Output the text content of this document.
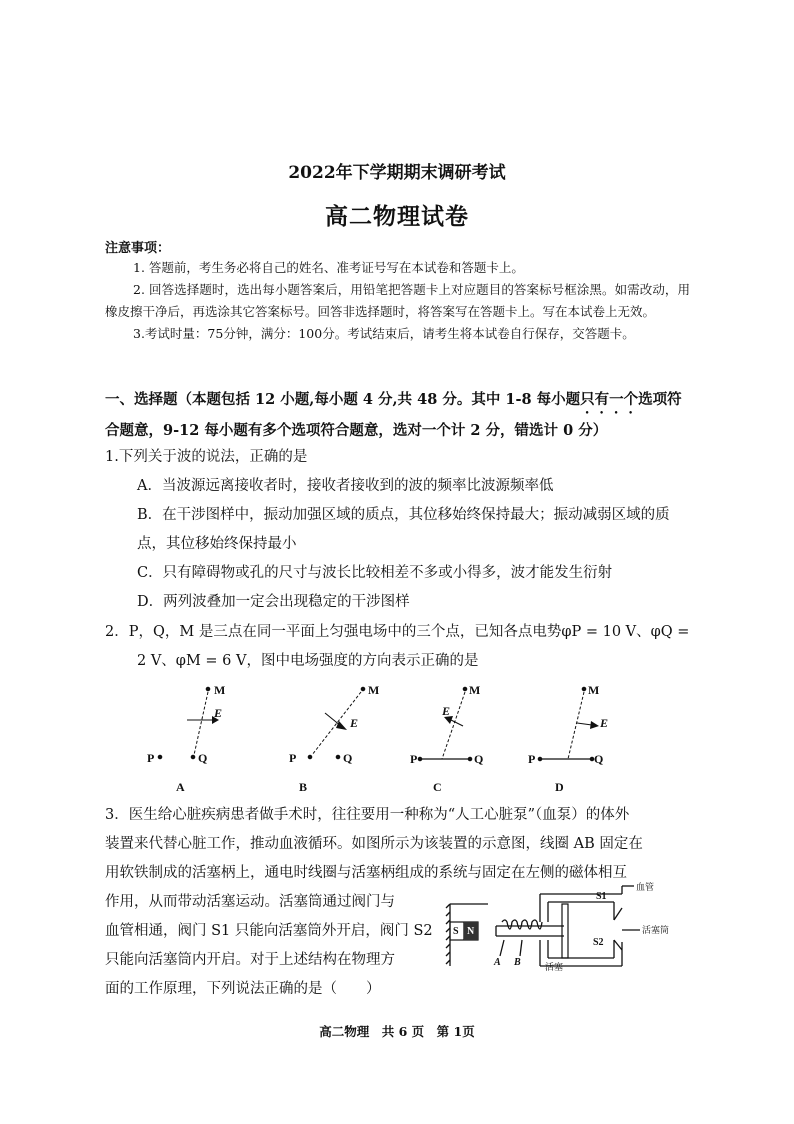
2022年下学期期末调研考试
高二物理试卷
注意事项：

1. 答题前，考生务必将自己的姓名、准考证号写在本试卷和答题卡上。

2. 回答选择题时，选出每小题答案后，用铅笔把答题卡上对应题目的答案标号框涂黑。如需改动，用橡皮擦干净后，再选涂其它答案标号。回答非选择题时，将答案写在答题卡上。写在本试卷上无效。

3.考试时量：75分钟，满分：100分。考试结束后，请考生将本试卷自行保存，交答题卡。

一、选择题（本题包括 12 小题,每小题 4 分,共 48 分。其中 1-8 每小题只有一个选项符合题意，9-12 每小题有多个选项符合题意，选对一个计 2 分，错选计 0 分）

1.下列关于波的说法，正确的是

A．当波源远离接收者时，接收者接收到的波的频率比波源频率低

B．在干涉图样中，振动加强区域的质点，其位移始终保持最大；振动减弱区域的质点，其位移始终保持最小

C．只有障碍物或孔的尺寸与波长比较相差不多或小得多，波才能发生衍射

D．两列波叠加一定会出现稳定的干涉图样

2．P，Q，M 是三点在同一平面上匀强电场中的三个点，已知各点电势φP = 10 V、φQ =

2 V、φM = 6 V，图中电场强度的方向表示正确的是

M
P	Q
E
M
P	Q
E
M
P	Q
E
M
P	Q
E
A	B	C	D

3．医生给心脏疾病患者做手术时，往往要用一种称为“人工心脏泵”（血泵）的体外

装置来代替心脏工作，推动血液循环。如图所示为该装置的示意图，线圈 AB 固定在

用软铁制成的活塞柄上，通电时线圈与活塞柄组成的系统与固定在左侧的磁体相互

作用，从而带动活塞运动。活塞筒通过阀门与

血管相通，阀门 S1 只能向活塞筒外开启，阀门 S2

只能向活塞筒内开启。对于上述结构在物理方

面的工作原理，下列说法正确的是（　　）

S N
S1
S2
血管
活塞筒
活塞
A B
高二物理　共 6 页　第 1页
